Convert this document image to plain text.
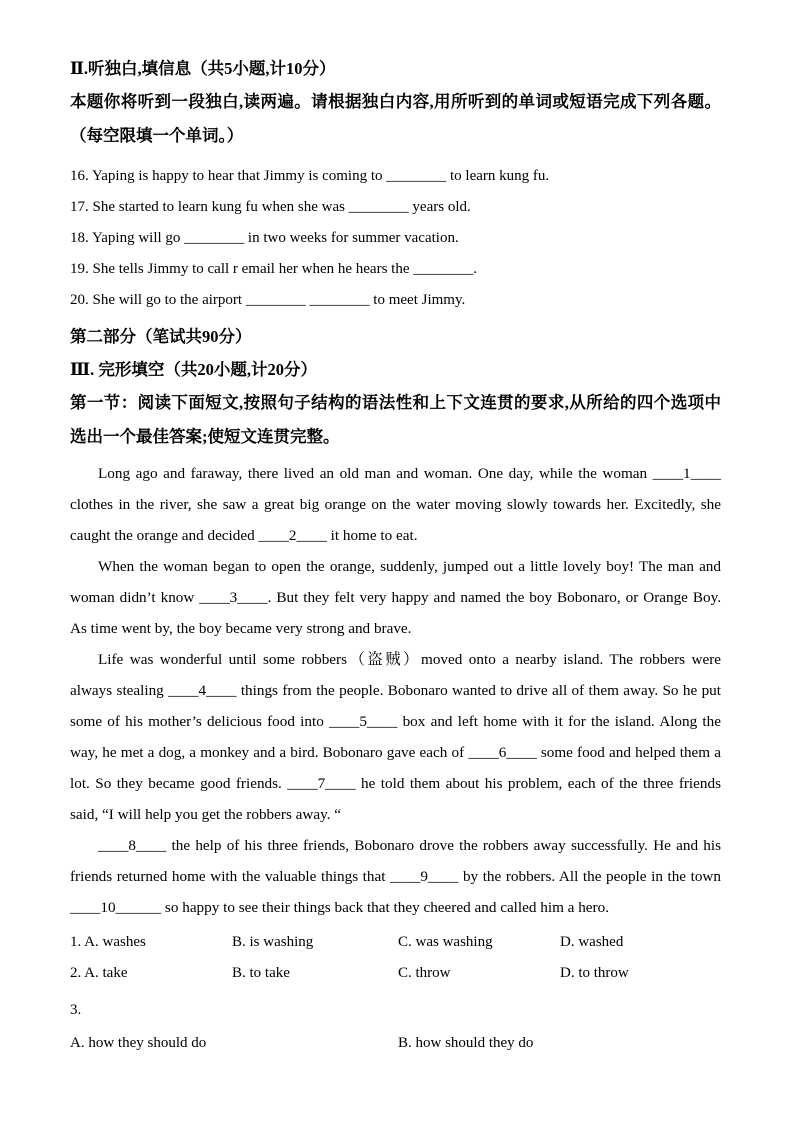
Ⅱ.听独白,填信息（共5小题,计10分）
本题你将听到一段独白,读两遍。请根据独白内容,用所听到的单词或短语完成下列各题。（每空限填一个单词。）
16. Yaping is happy to hear that Jimmy is coming to ________ to learn kung fu.
17. She started to learn kung fu when she was ________ years old.
18. Yaping will go ________ in two weeks for summer vacation.
19. She tells Jimmy to call r email her when he hears the ________.
20. She will go to the airport ________ ________ to meet Jimmy.
第二部分（笔试共90分）
Ⅲ. 完形填空（共20小题,计20分）
第一节：阅读下面短文,按照句子结构的语法性和上下文连贯的要求,从所给的四个选项中选出一个最佳答案;使短文连贯完整。

Long ago and faraway, there lived an old man and woman. One day, while the woman ____1____ clothes in the river, she saw a great big orange on the water moving slowly towards her. Excitedly, she caught the orange and decided ____2____ it home to eat.

When the woman began to open the orange, suddenly, jumped out a little lovely boy! The man and woman didn’t know ____3____. But they felt very happy and named the boy Bobonaro, or Orange Boy. As time went by, the boy became very strong and brave.

Life was wonderful until some robbers（盗贼）moved onto a nearby island. The robbers were always stealing ____4____ things from the people. Bobonaro wanted to drive all of them away. So he put some of his mother’s delicious food into ____5____ box and left home with it for the island. Along the way, he met a dog, a monkey and a bird. Bobonaro gave each of ____6____ some food and helped them a lot. So they became good friends. ____7____ he told them about his problem, each of the three friends said, “I will help you get the robbers away. “

____8____ the help of his three friends, Bobonaro drove the robbers away successfully. He and his friends returned home with the valuable things that ____9____ by the robbers. All the people in the town ____10______ so happy to see their things back that they cheered and called him a hero.

1. A. washes	B. is washing	C. was washing	D. washed
2. A. take	B. to take	C. throw	D. to throw
3.
A. how they should do	B. how should they do
